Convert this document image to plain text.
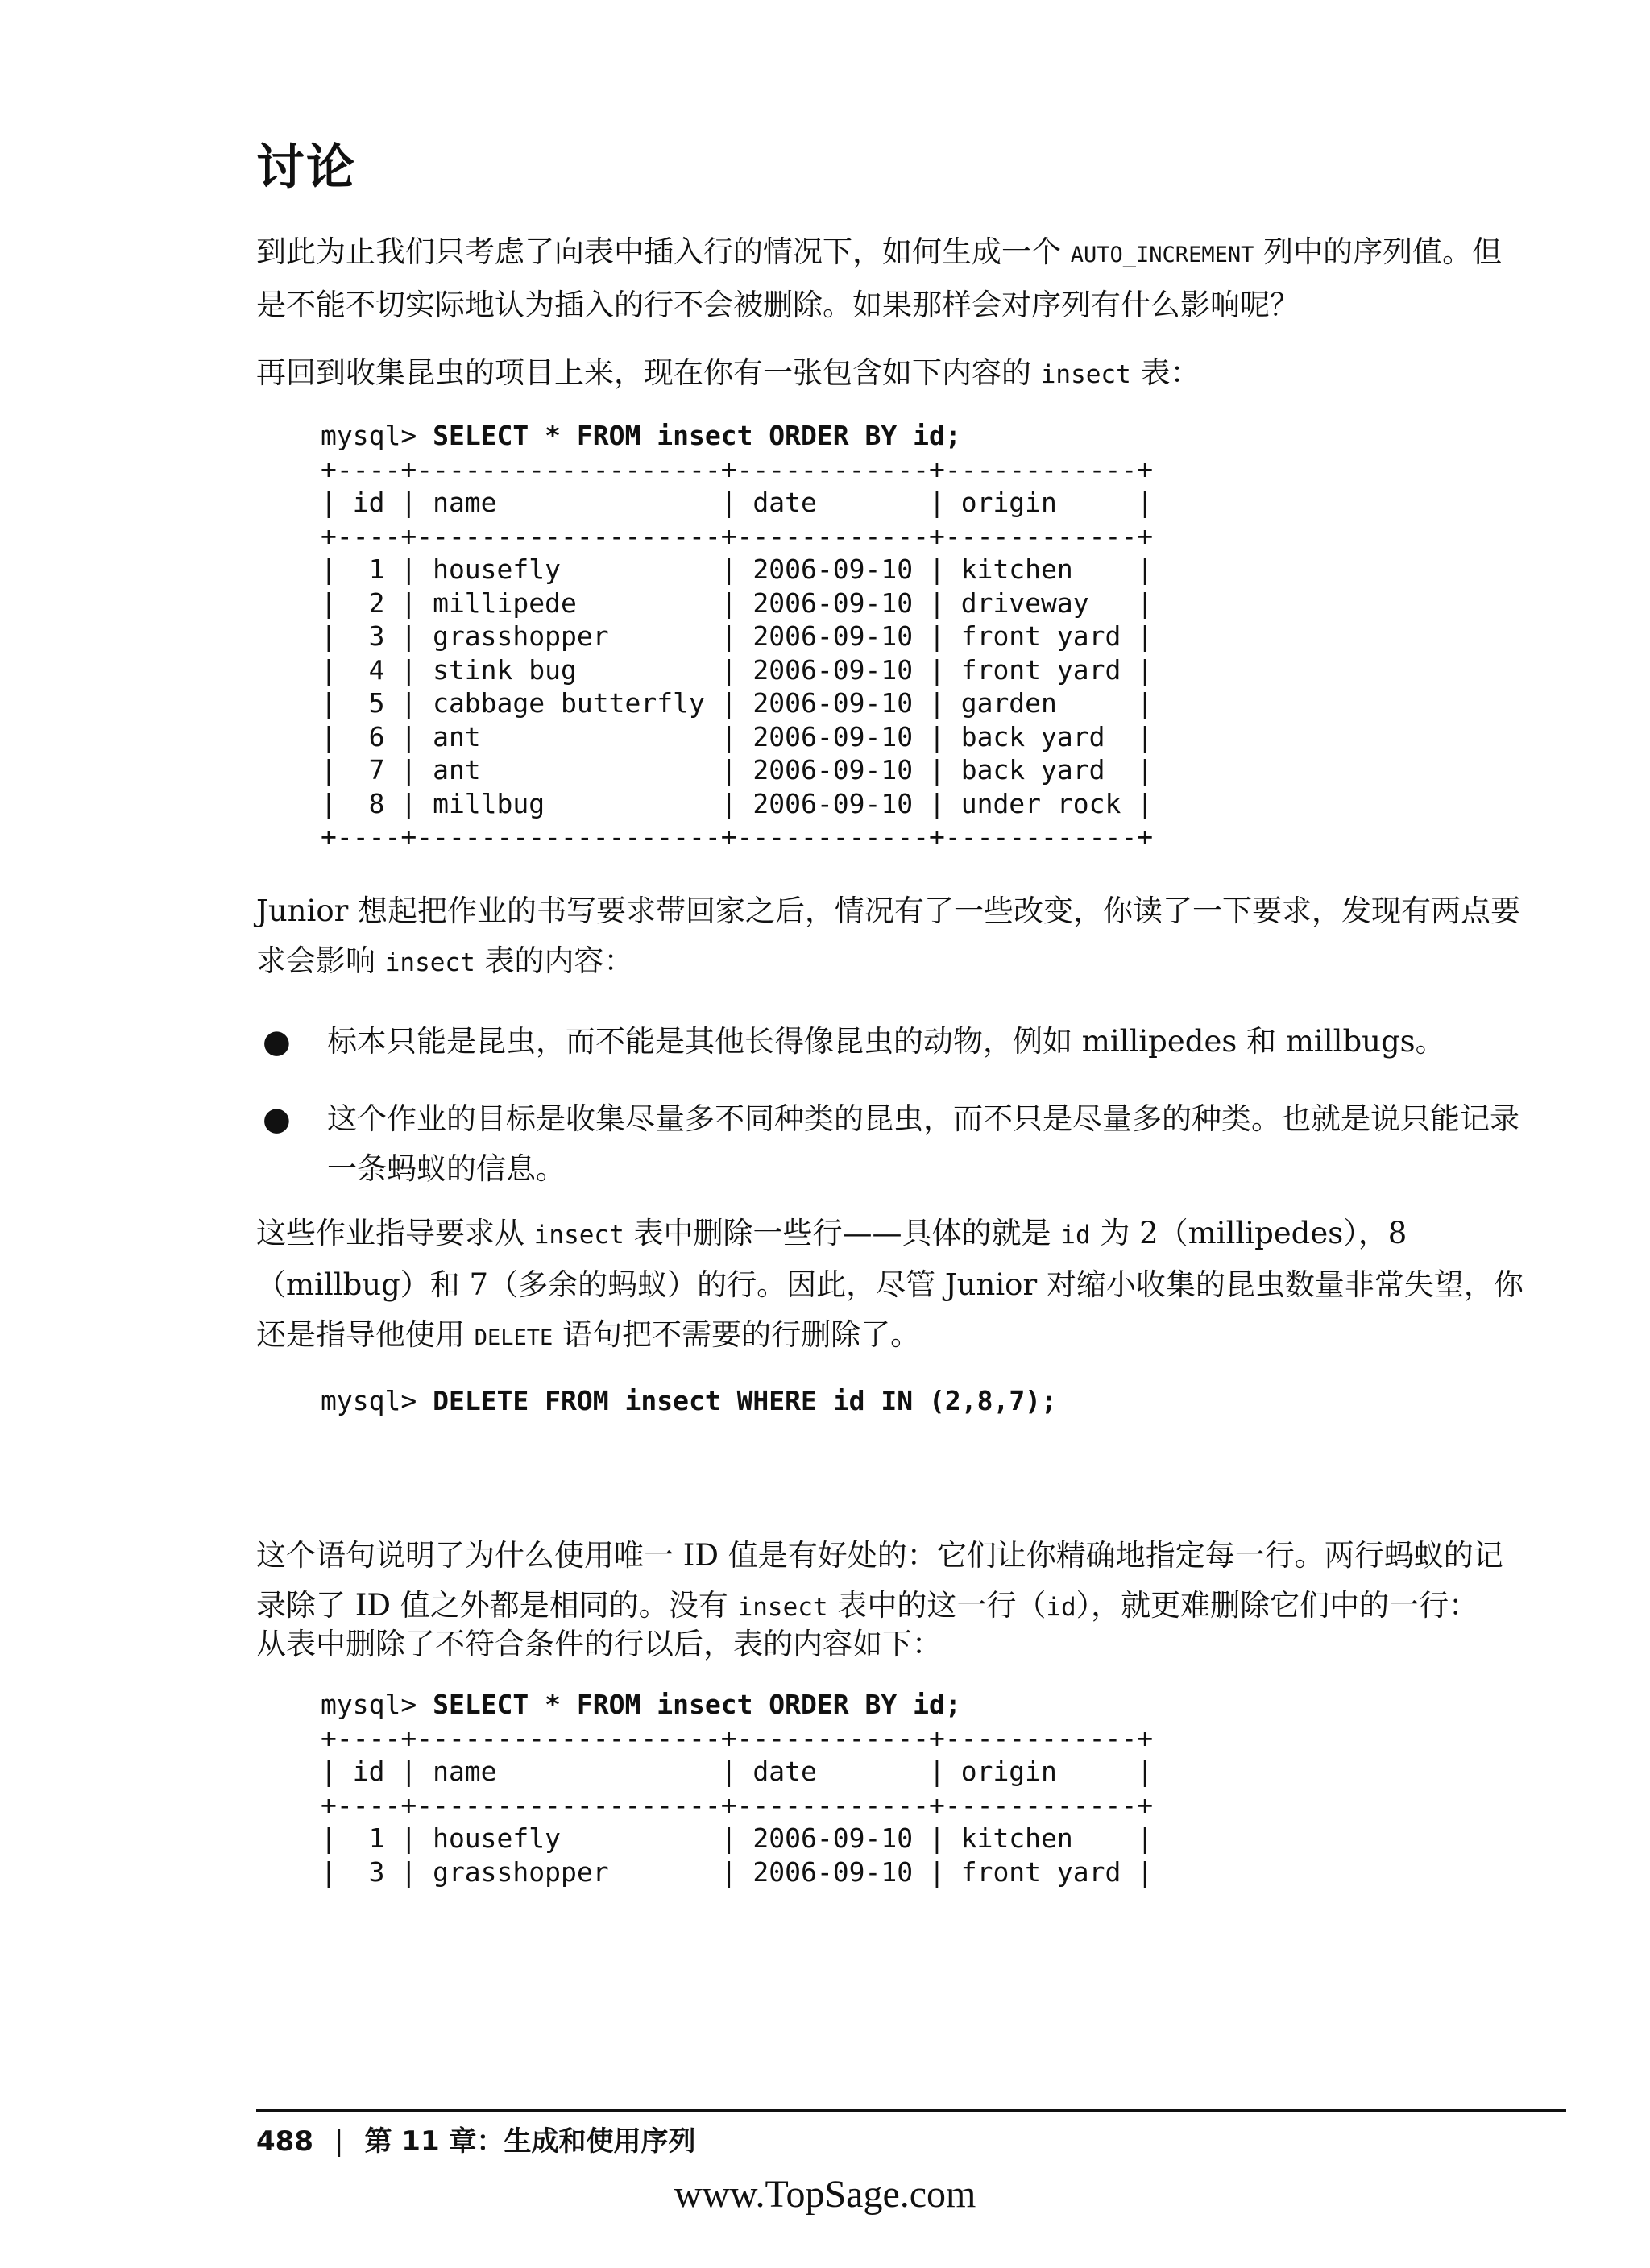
讨论
到此为止我们只考虑了向表中插入行的情况下，如何生成一个 AUTO_INCREMENT 列中的序列值。但是不能不切实际地认为插入的行不会被删除。如果那样会对序列有什么影响呢？
再回到收集昆虫的项目上来，现在你有一张包含如下内容的 insect 表：
mysql> SELECT * FROM insect ORDER BY id;
+----+-------------------+------------+------------+
| id | name              | date       | origin     |
+----+-------------------+------------+------------+
|  1 | housefly          | 2006-09-10 | kitchen    |
|  2 | millipede         | 2006-09-10 | driveway   |
|  3 | grasshopper       | 2006-09-10 | front yard |
|  4 | stink bug         | 2006-09-10 | front yard |
|  5 | cabbage butterfly | 2006-09-10 | garden     |
|  6 | ant               | 2006-09-10 | back yard  |
|  7 | ant               | 2006-09-10 | back yard  |
|  8 | millbug           | 2006-09-10 | under rock |
+----+-------------------+------------+------------+
Junior 想起把作业的书写要求带回家之后，情况有了一些改变，你读了一下要求，发现有两点要求会影响 insect 表的内容：
● 标本只能是昆虫，而不能是其他长得像昆虫的动物，例如 millipedes 和 millbugs。
● 这个作业的目标是收集尽量多不同种类的昆虫，而不只是尽量多的种类。也就是说只能记录一条蚂蚁的信息。
这些作业指导要求从 insect 表中删除一些行——具体的就是 id 为 2（millipedes），8（millbug）和 7（多余的蚂蚁）的行。因此，尽管 Junior 对缩小收集的昆虫数量非常失望，你还是指导他使用 DELETE 语句把不需要的行删除了。
mysql> DELETE FROM insect WHERE id IN (2,8,7);
这个语句说明了为什么使用唯一 ID 值是有好处的：它们让你精确地指定每一行。两行蚂蚁的记录除了 ID 值之外都是相同的。没有 insect 表中的这一行（id），就更难删除它们中的一行：
从表中删除了不符合条件的行以后，表的内容如下：
mysql> SELECT * FROM insect ORDER BY id;
+----+-------------------+------------+------------+
| id | name              | date       | origin     |
+----+-------------------+------------+------------+
|  1 | housefly          | 2006-09-10 | kitchen    |
|  3 | grasshopper       | 2006-09-10 | front yard |
488 | 第 11 章：生成和使用序列
www.TopSage.com
